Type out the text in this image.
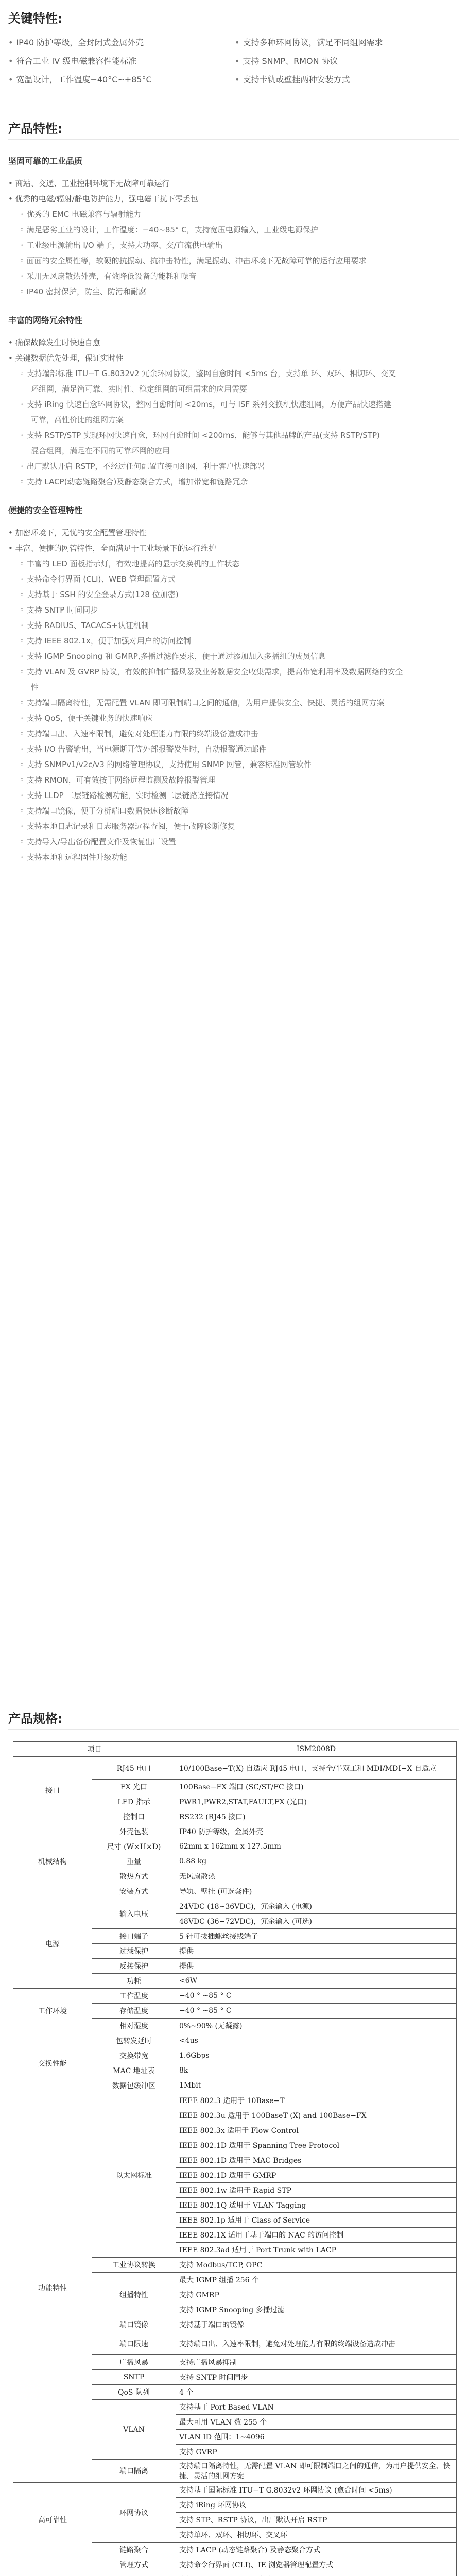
关键特性:
• IP40 防护等级，全封闭式金属外壳	• 支持多种环网协议，满足不同组网需求
• 符合工业 IV 级电磁兼容性能标准	• 支持 SNMP、RMON 协议
• 宽温设计，工作温度−40°C~+85°C	• 支持卡轨或壁挂两种安装方式
产品特性:
坚固可靠的工业品质
• 商站、交通、工业控制环境下无故障可靠运行
• 优秀的电磁/辐射/静电防护能力，强电磁干扰下零丢包
◦ 优秀的 EMC 电磁兼容与辐射能力
◦ 满足恶劣工业的设计，工作温度：−40~85° C，支持宽压电源输入，工业级电源保护
◦ 工业级电源输出 I/O 端子，支持大功率、交/直流供电输出
◦ 面面的安全属性等，软硬的抗振动、抗冲击特性，满足振动、冲击环境下无故障可靠的运行应用要求
◦ 采用无风扇散热外壳，有效降低设备的能耗和噪音
◦ IP40 密封保护，防尘、防污和耐腐
丰富的网络冗余特性
• 确保故障发生时快速自愈
• 关键数据优先处理，保证实时性
◦ 支持端部标准 ITU−T G.8032v2 冗余环网协议，整网自愈时间 <5ms 台，支持单 环、双环、相切环、交叉
环组网，满足简可靠、实时性、稳定组网的可组需求的应用需要
◦ 支持 iRing 快速自愈环网协议，整网自愈时间 <20ms，可与 ISF 系列交换机快速组网，方便产品快速搭建
可靠，高性价比的组网方案
◦ 支持 RSTP/STP 实现环网快速自愈，环网自愈时间 <200ms，能够与其他品牌的产品(支持 RSTP/STP)
混合组网，满足在不同的可靠环网的应用
◦ 出厂默认开启 RSTP，不经过任何配置直接可组网，利于客户快速部署
◦ 支持 LACP(动态链路聚合)及静态聚合方式，增加带宽和链路冗余
便捷的安全管理特性
• 加密环境下，无忧的安全配置管理特性
• 丰富、便捷的网管特性，全面满足于工业场景下的运行维护
◦ 丰富的 LED 面板指示灯，有效地提高的显示交换机的工作状态
◦ 支持命令行界面 (CLI)、WEB 管理配置方式
◦ 支持基于 SSH 的安全登录方式(128 位加密)
◦ 支持 SNTP 时间同步
◦ 支持 RADIUS、TACACS+认证机制
◦ 支持 IEEE 802.1x，便于加强对用户的访问控制
◦ 支持 IGMP Snooping 和 GMRP,多播过滤作要求，便于通过添加加入多播组的成员信息
◦ 支持 VLAN 及 GVRP 协议，有效的抑制广播风暴及业务数据安全收集需求，提高带宽利用率及数据网络的安全
性
◦ 支持端口隔离特性，无需配置 VLAN 即可限制端口之间的通信，为用户提供安全、快捷、灵活的组网方案
◦ 支持 QoS，便于关键业务的快速响应
◦ 支持端口出、入速率限制，避免对处理能力有限的终端设备造成冲击
◦ 支持 I/O 告警输出，当电源断开等外部报警发生时，自动报警通过邮件
◦ 支持 SNMPv1/v2c/v3 的网络管理协议，支持使用 SNMP 网管，兼容标准网管软件
◦ 支持 RMON，可有效按于网络远程监测及故障报警管理
◦ 支持 LLDP 二层链路检测功能，实时检测二层链路连接情况
◦ 支持端口镜像，便于分析端口数据快速诊断故障
◦ 支持本地日志记录和日志服务器远程查阅，便于故障诊断修复
◦ 支持导入/导出备份配置文件及恢复出厂设置
◦ 支持本地和远程固件升级功能
产品规格:
项目		ISM2008D
接口	RJ45 电口	10/100Base−T(X) 自适应 RJ45 电口，支持全/半双工和 MDI/MDI−X 自适应
	FX 光口	100Base−FX 端口 (SC/ST/FC 接口)
	LED 指示	PWR1,PWR2,STAT,FAULT,FX (光口)
	控制口	RS232 (RJ45 接口)
机械结构	外壳包装	IP40 防护等级，金属外壳
	尺寸 (W×H×D)	62mm x 162mm x 127.5mm
	重量	0.88 kg
	散热方式	无风扇散热
	安装方式	导轨、壁挂 (可选套件)
电源	输入电压	24VDC (18~36VDC)，冗余输入 (电源)
		48VDC (36−72VDC)，冗余输入 (可选)
	接口端子	5 针可拔插螺丝接线端子
	过载保护	提供
	反接保护	提供
	功耗	<6W
工作环境	工作温度	−40 ° ~85 ° C
	存储温度	−40 ° ~85 ° C
	相对湿度	0%~90% (无凝露)
交换性能	包转发延时	<4us
	交换带宽	1.6Gbps
	MAC 地址表	8k
	数据包缓冲区	1Mbit
功能特性	以太网标准	IEEE 802.3 适用于 10Base−T
		IEEE 802.3u 适用于 100BaseT (X) and 100Base−FX
		IEEE 802.3x 适用于 Flow Control
		IEEE 802.1D 适用于 Spanning Tree Protocol
		IEEE 802.1D 适用于 MAC Bridges
		IEEE 802.1D 适用于 GMRP
		IEEE 802.1w 适用于 Rapid STP
		IEEE 802.1Q 适用于 VLAN Tagging
		IEEE 802.1p 适用于 Class of Service
		IEEE 802.1X 适用于基于端口的 NAC 的访问控制
		IEEE 802.3ad 适用于 Port Trunk with LACP
	工业协议转换	支持 Modbus/TCP, OPC
	组播特性	最大 IGMP 组播 256 个
		支持 GMRP
		支持 IGMP Snooping 多播过滤
	端口镜像	支持基于端口的镜像
	端口限速	支持端口出、入速率限制，避免对处理能力有限的终端设备造成冲击
	广播风暴	支持广播风暴抑制
	SNTP	支持 SNTP 时间同步
	QoS 队列	4 个
	VLAN	支持基于 Port Based VLAN
		最大可用 VLAN 数 255 个
		VLAN ID 范围：1~4096
		支持 GVRP
	端口隔离	支持端口隔离特性，无需配置 VLAN 即可限制端口之间的通信，为用户提供安全、快捷、灵活的组网方案
高可靠性	环网协议	支持基于国际标准 ITU−T G.8032v2 环网协议 (愈合时间 <5ms)
		支持 iRing 环网协议
		支持 STP、RSTP 协议，出厂默认开启 RSTP
		支持单环、双环、相切环、交叉环
	链路聚合	支持 LACP (动态链路聚合) 及静态聚合方式
	管理方式	支持命令行界面 (CLI)、IE 浏览器管理配置方式
